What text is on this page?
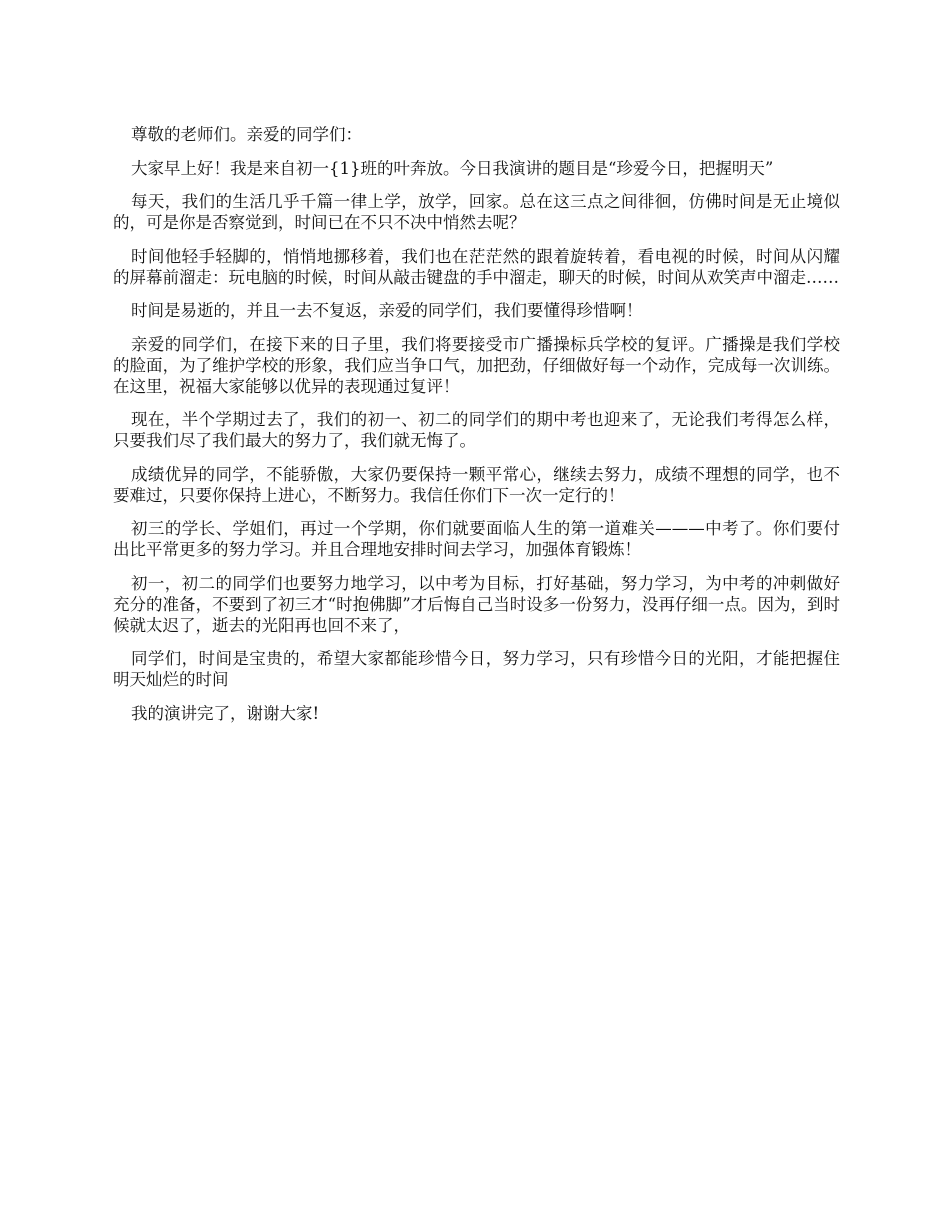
尊敬的老师们。亲爱的同学们：

大家早上好！我是来自初一{1}班的叶奔放。今日我演讲的题目是“珍爱今日，把握明天”

每天，我们的生活几乎千篇一律上学，放学，回家。总在这三点之间徘徊，仿佛时间是无止境似的，可是你是否察觉到，时间已在不只不决中悄然去呢？

时间他轻手轻脚的，悄悄地挪移着，我们也在茫茫然的跟着旋转着，看电视的时候，时间从闪耀的屏幕前溜走：玩电脑的时候，时间从敲击键盘的手中溜走，聊天的时候，时间从欢笑声中溜走……

时间是易逝的，并且一去不复返，亲爱的同学们，我们要懂得珍惜啊！

亲爱的同学们，在接下来的日子里，我们将要接受市广播操标兵学校的复评。广播操是我们学校的脸面，为了维护学校的形象，我们应当争口气，加把劲，仔细做好每一个动作，完成每一次训练。在这里，祝福大家能够以优异的表现通过复评！

现在，半个学期过去了，我们的初一、初二的同学们的期中考也迎来了，无论我们考得怎么样，只要我们尽了我们最大的努力了，我们就无悔了。

成绩优异的同学，不能骄傲，大家仍要保持一颗平常心，继续去努力，成绩不理想的同学，也不要难过，只要你保持上进心，不断努力。我信任你们下一次一定行的！

初三的学长、学姐们，再过一个学期，你们就要面临人生的第一道难关———中考了。你们要付出比平常更多的努力学习。并且合理地安排时间去学习，加强体育锻炼！

初一，初二的同学们也要努力地学习，以中考为目标，打好基础，努力学习，为中考的冲刺做好充分的准备，不要到了初三才“时抱佛脚”才后悔自己当时设多一份努力，没再仔细一点。因为，到时候就太迟了，逝去的光阳再也回不来了，

同学们，时间是宝贵的，希望大家都能珍惜今日，努力学习，只有珍惜今日的光阳，才能把握住明天灿烂的时间

我的演讲完了，谢谢大家!
